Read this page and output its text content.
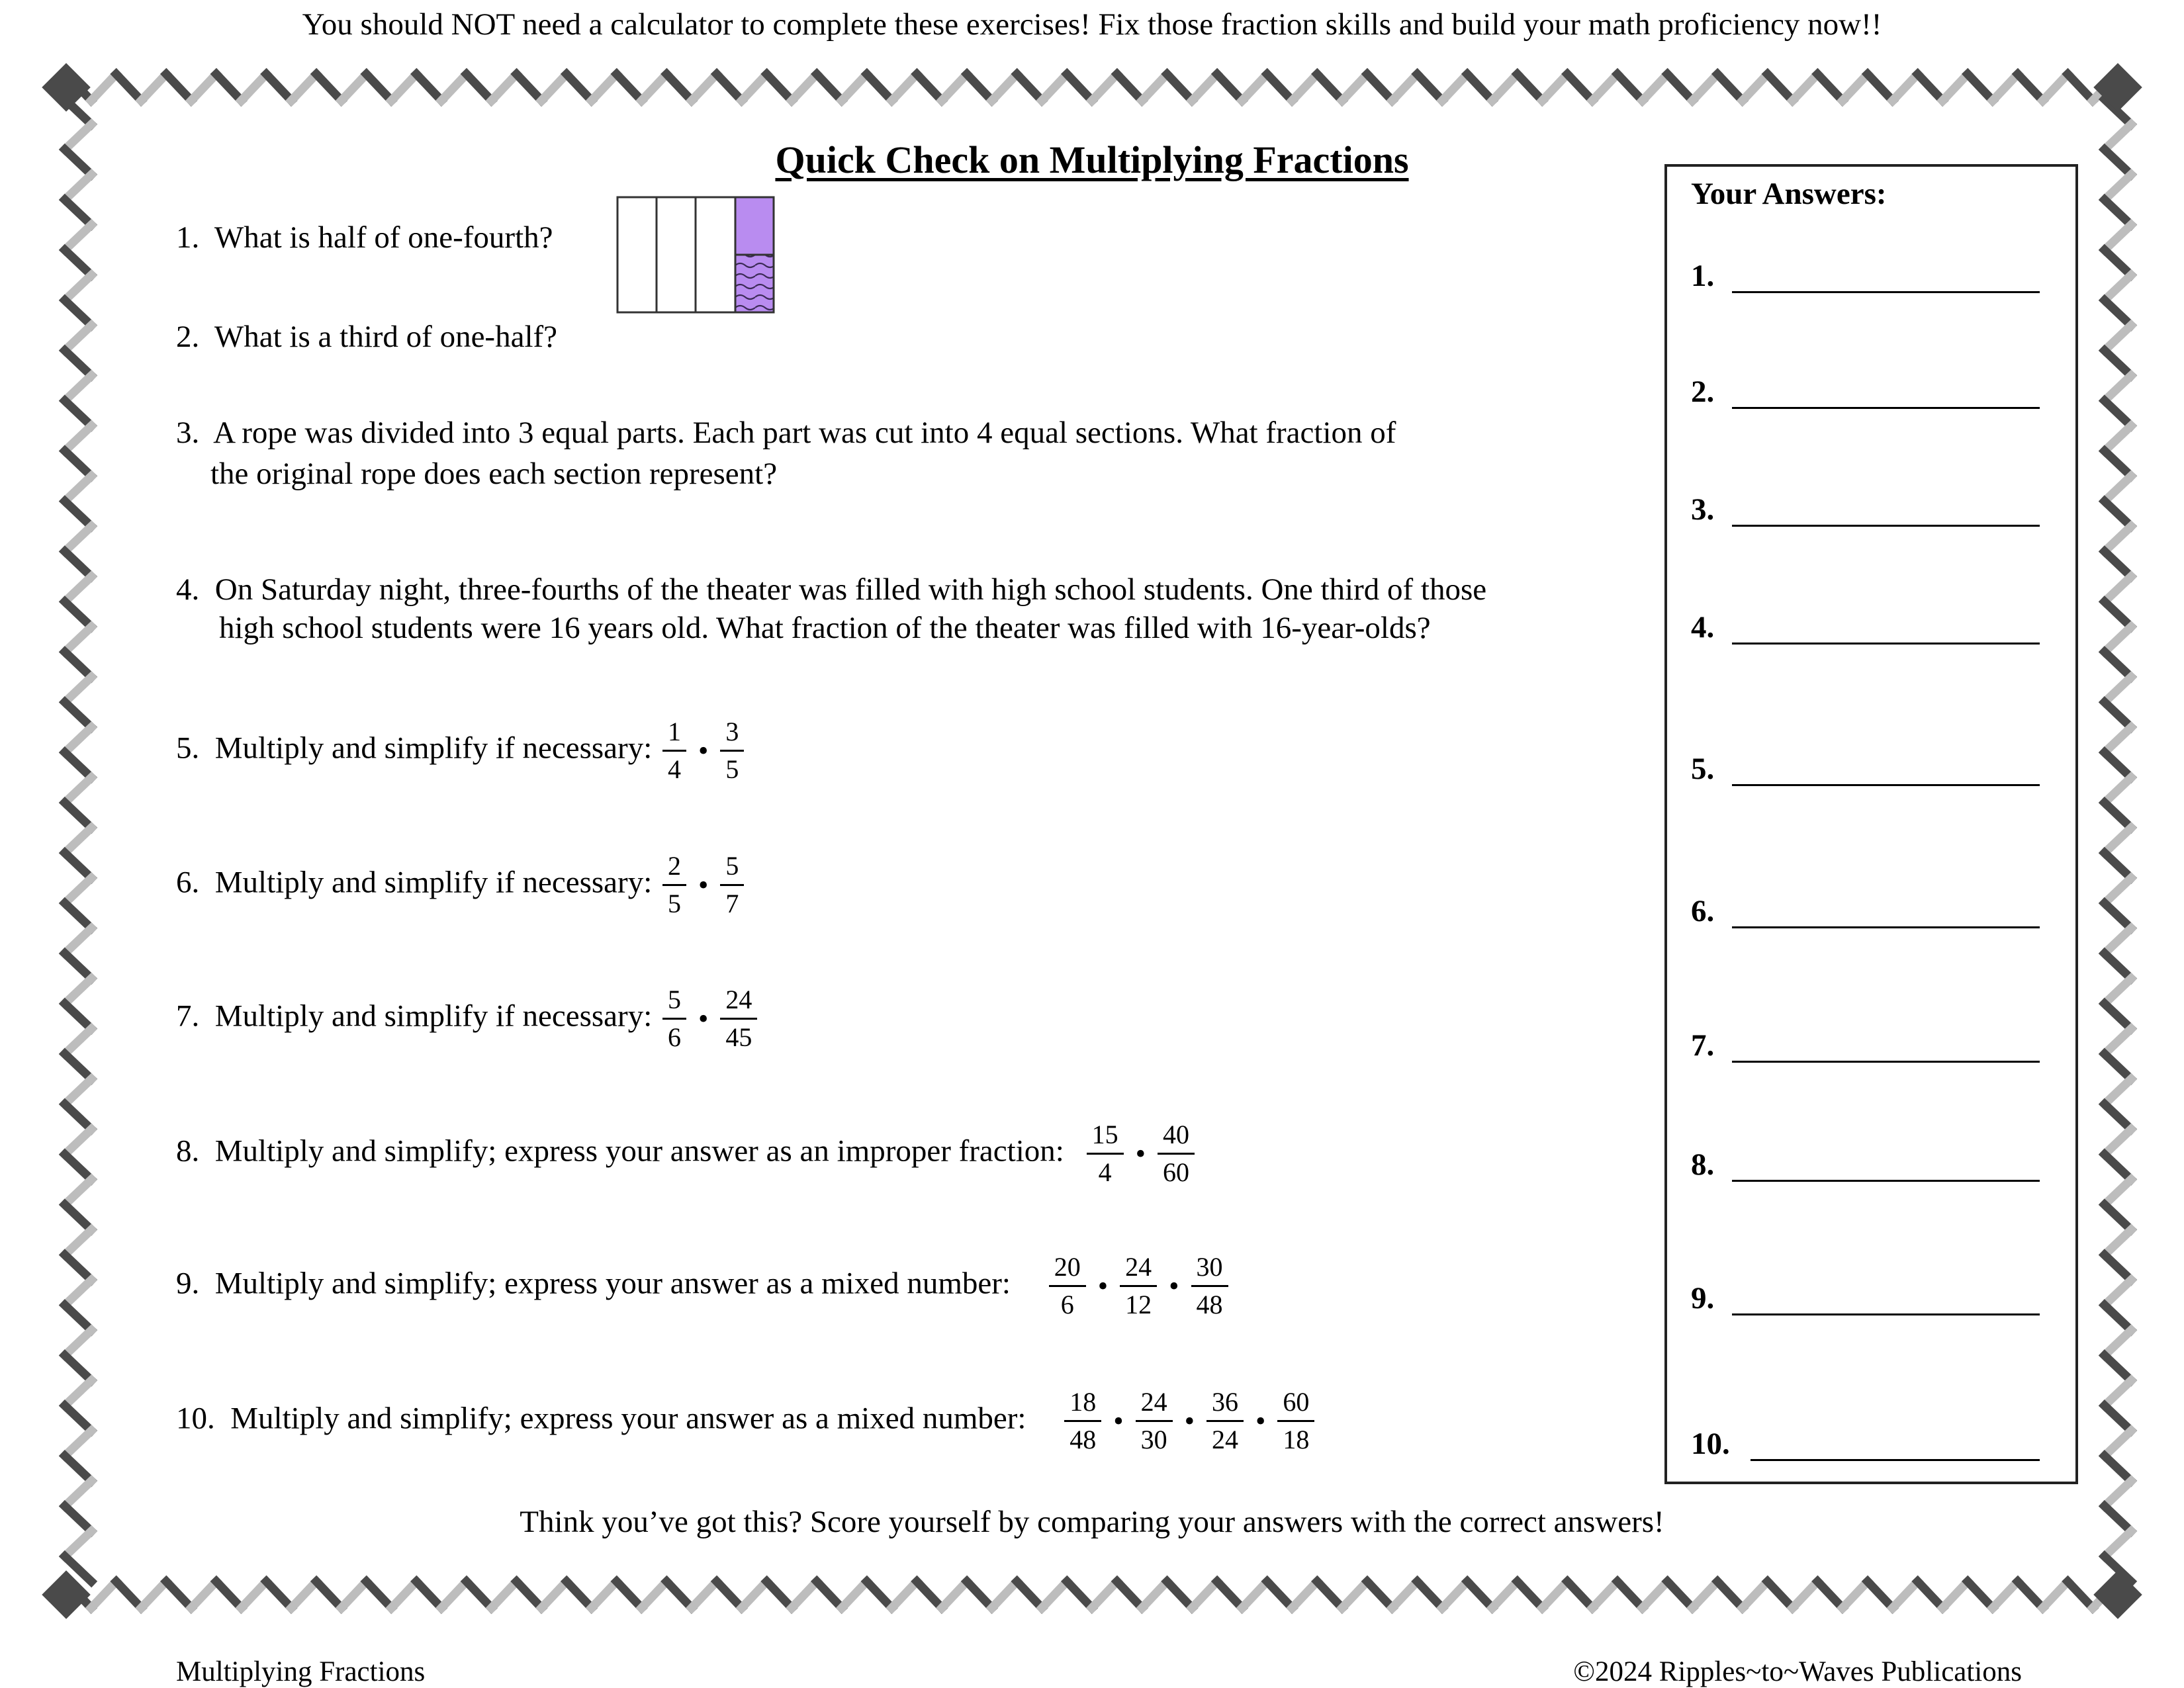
You should NOT need a calculator to complete these exercises! Fix those fraction skills and build your math proficiency now!!
Quick Check on Multiplying Fractions
1. What is half of one-fourth?
2. What is a third of one-half?
3. A rope was divided into 3 equal parts. Each part was cut into 4 equal sections. What fraction of
the original rope does each section represent?
4. On Saturday night, three-fourths of the theater was filled with high school students. One third of those
high school students were 16 years old. What fraction of the theater was filled with 16-year-olds?
5. Multiply and simplify if necessary: $\frac{1}{4}$ • $\frac{3}{5}$
6. Multiply and simplify if necessary: $\frac{2}{5}$ • $\frac{5}{7}$
7. Multiply and simplify if necessary: $\frac{5}{6}$ • $\frac{24}{45}$
8. Multiply and simplify; express your answer as an improper fraction: $\frac{15}{4}$ • $\frac{40}{60}$
9. Multiply and simplify; express your answer as a mixed number: $\frac{20}{6}$ • $\frac{24}{12}$ • $\frac{30}{48}$
10. Multiply and simplify; express your answer as a mixed number: $\frac{18}{48}$ • $\frac{24}{30}$ • $\frac{36}{24}$ • $\frac{60}{18}$
Your Answers:
1.
2.
3.
4.
5.
6.
7.
8.
9.
10.
Think you’ve got this? Score yourself by comparing your answers with the correct answers!
Multiplying Fractions	©2024 Ripples~to~Waves Publications
